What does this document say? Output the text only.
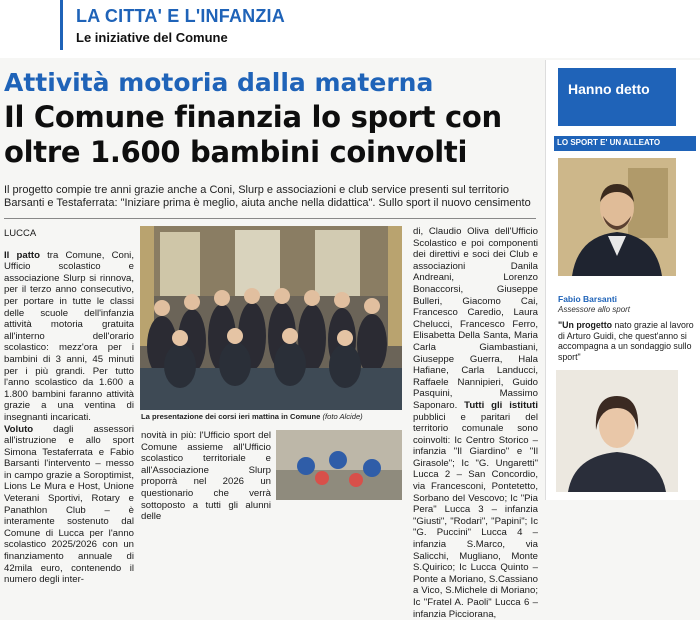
LA CITTA' E L'INFANZIA
Le iniziative del Comune
Attività motoria dalla materna
Il Comune finanzia lo sport con oltre 1.600 bambini coinvolti
Il progetto compie tre anni grazie anche a Coni, Slurp e associazioni e club service presenti sul territorio Barsanti e Testaferrata: "Iniziare prima è meglio, aiuta anche nella didattica". Sullo sport il nuovo censimento
LUCCA
Il patto tra Comune, Coni, Ufficio scolastico e associazione Slurp si rinnova, per il terzo anno consecutivo, per portare in tutte le classi delle scuole dell'infanzia attività motoria gratuita all'interno dell'orario scolastico: mezz'ora per i bambini di 3 anni, 45 minuti per i più grandi. Per tutto l'anno scolastico da 1.600 a 1.800 bambini faranno attività grazie a una ventina di insegnanti incaricati.
Voluto dagli assessori all'istruzione e allo sport Simona Testaferrata e Fabio Barsanti l'intervento – messo in campo grazie a Soroptimist, Lions Le Mura e Host, Unione Veterani Sportivi, Rotary e Panathlon Club – è interamente sostenuto dal Comune di Lucca per l'anno scolastico 2025/2026 con un finanziamento annuale di 42mila euro, contenendo il numero degli inter-
La presentazione dei corsi ieri mattina in Comune (foto Alcide)
novità in più: l'Ufficio sport del Comune assieme all'Ufficio scolastico territoriale e all'Associazione Slurp proporrà nel 2026 un questionario che verrà sottoposto a tutti gli alunni delle
di, Claudio Oliva dell'Ufficio Scolastico e poi componenti dei direttivi e soci dei Club e associazioni Danila Andreani, Lorenzo Bonaccorsi, Giuseppe Bulleri, Giacomo Cai, Francesco Caredio, Laura Chelucci, Francesco Ferro, Elisabetta Della Santa, Maria Carla Giambastiani, Giuseppe Guerra, Hala Hafiane, Carla Landucci, Raffaele Nannipieri, Guido Pasquini, Massimo Saponaro. Tutti gli istituti pubblici e paritari del territorio comunale sono coinvolti: Ic Centro Storico – infanzia "Il Giardino" e "Il Girasole"; Ic "G. Ungaretti" Lucca 2 – San Concordio, via Francesconi, Pontetetto, Sorbano del Vescovo; Ic "Pia Pera" Lucca 3 – infanzia "Giusti", "Rodari", "Papini"; Ic "G. Puccini" Lucca 4 – infanzia S.Marco, via Salicchi, Mugliano, Monte S.Quirico; Ic Lucca Quinto – Ponte a Moriano, S.Cassiano a Vico, S.Michele di Moriano; Ic "Fratel A. Paoli" Lucca 6 – infanzia Picciorana,
Hanno detto
LO SPORT E' UN ALLEATO
Fabio Barsanti
Assessore allo sport
"Un progetto nato grazie al lavoro di Arturo Guidi, che quest'anno si accompagna a un sondaggio sullo sport"
